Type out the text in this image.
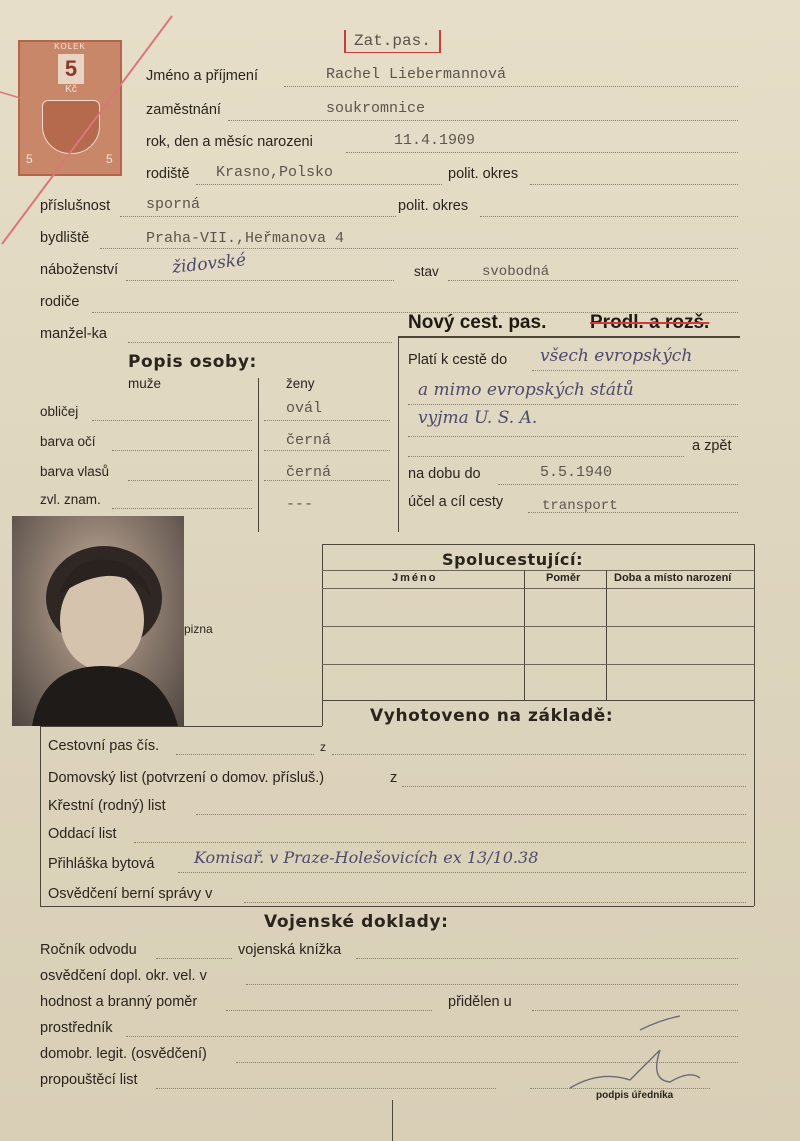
Zat.pas.
KOLEK
5
Kč
5	5
Jméno a příjmení	Rachel Liebermannová
zaměstnání	soukromnice
rok, den a měsíc narozeni	11.4.1909
rodiště Krasno,Polsko	polit. okres
příslušnost sporná	polit. okres
bydliště	Praha-VII.,Heřmanova 4
náboženství	židovské	stav	svobodná
rodiče
manžel-ka
Nový cest. pas. Prodl. a rozš.
Platí k cestě do všech evropských
a mimo evropských států
vyjma U. S. A.
a zpět
na dobu do	5.5.1940
účel a cíl cesty	transport
Popis osoby:
muže	ženy
obličej	ovál
barva očí	černá
barva vlasů	černá
zvl. znam.	---
pizna
Spolucestující:
Jméno	Poměr	Doba a místo narození
Vyhotoveno na základě:
Cestovní pas čís.	z
Domovský list (potvrzení o domov. přísluš.)	z
Křestní (rodný) list
Oddací list
Přihláška bytová Komisař. v Praze-Holešovicích ex 13/10.38
Osvědčení berní správy v
Vojenské doklady:
Ročník odvodu	vojenská knížka
osvědčení dopl. okr. vel. v
hodnost a branný poměr	přidělen u
prostředník
domobr. legit. (osvědčení)
propouštěcí list
podpis úředníka
